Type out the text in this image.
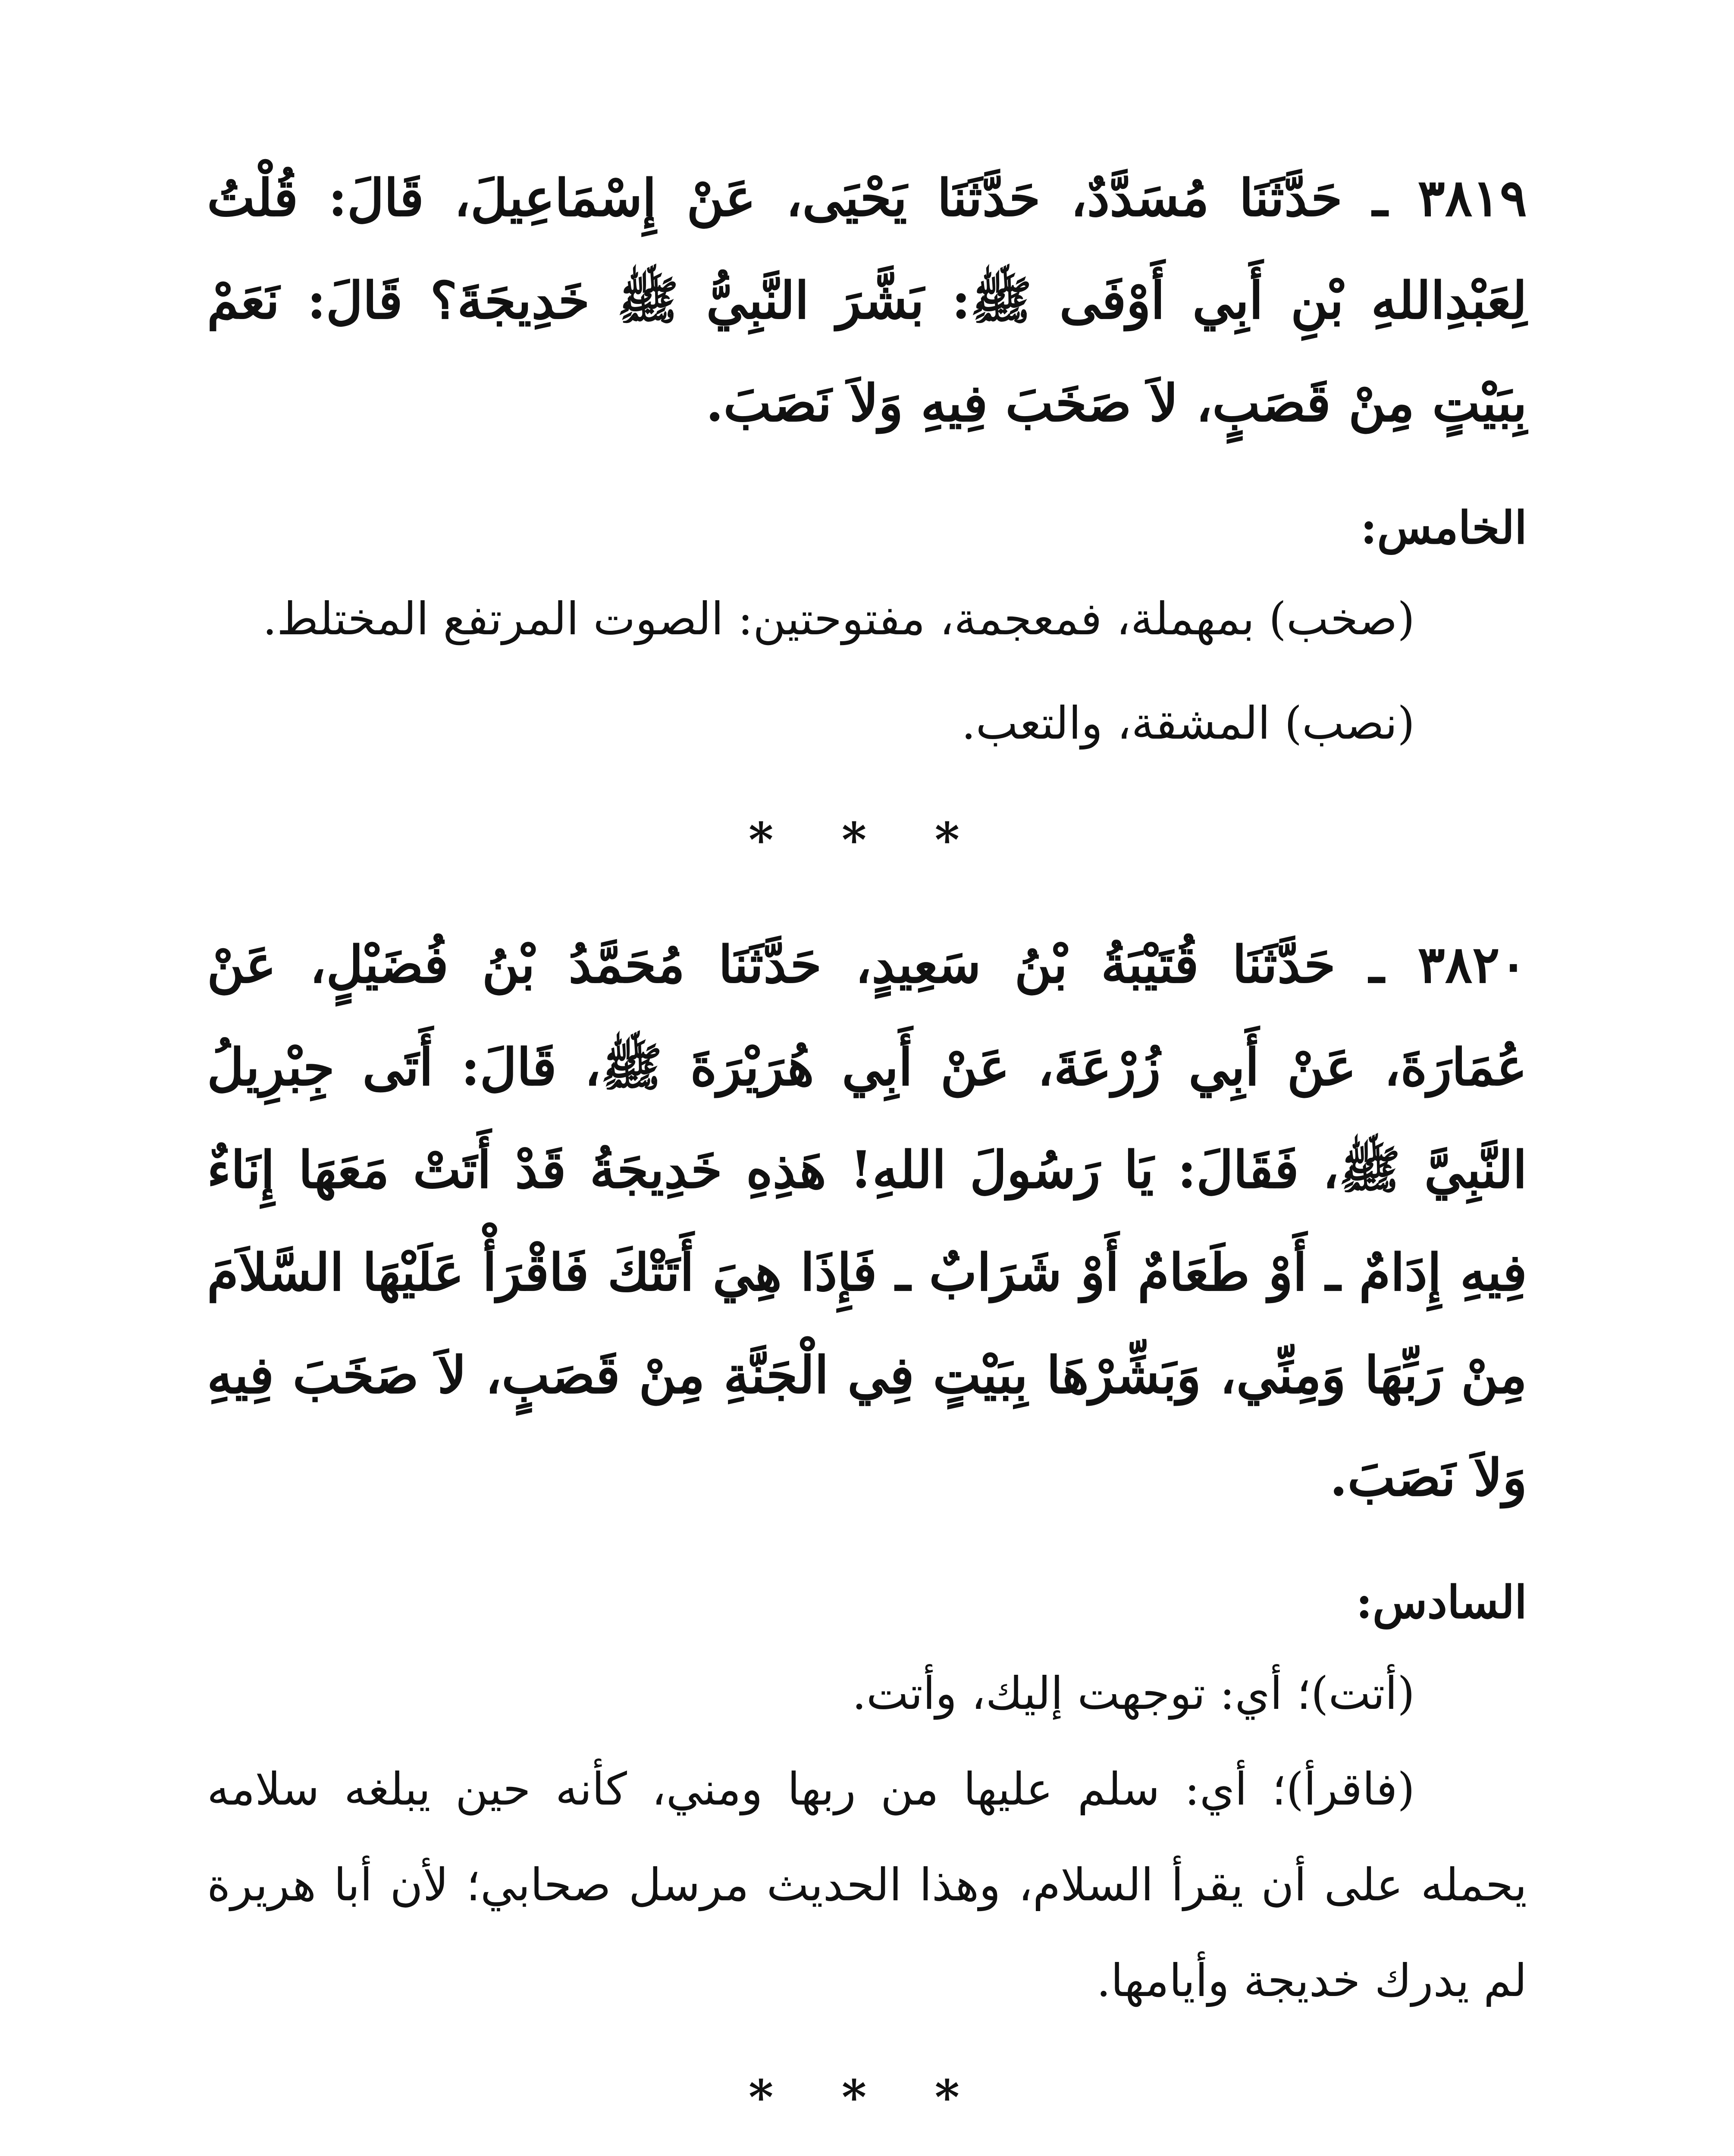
٣٨١٩ ـ حَدَّثَنَا مُسَدَّدٌ، حَدَّثَنَا يَحْيَى، عَنْ إِسْمَاعِيلَ، قَالَ: قُلْتُ لِعَبْدِاللهِ بْنِ أَبِي أَوْفَى ﷺ: بَشَّرَ النَّبِيُّ ﷺ خَدِيجَةَ؟ قَالَ: نَعَمْ بِبَيْتٍ مِنْ قَصَبٍ، لاَ صَخَبَ فِيهِ وَلاَ نَصَبَ.

الخامس:

(صخب) بمهملة، فمعجمة، مفتوحتين: الصوت المرتفع المختلط.

(نصب) المشقة، والتعب.

* * *

٣٨٢٠ ـ حَدَّثَنَا قُتَيْبَةُ بْنُ سَعِيدٍ، حَدَّثَنَا مُحَمَّدُ بْنُ فُضَيْلٍ، عَنْ عُمَارَةَ، عَنْ أَبِي زُرْعَةَ، عَنْ أَبِي هُرَيْرَةَ ﷺ، قَالَ: أَتَى جِبْرِيلُ النَّبِيَّ ﷺ، فَقَالَ: يَا رَسُولَ اللهِ! هَذِهِ خَدِيجَةُ قَدْ أَتَتْ مَعَهَا إِنَاءٌ فِيهِ إِدَامٌ ـ أَوْ طَعَامٌ أَوْ شَرَابٌ ـ فَإِذَا هِيَ أَتَتْكَ فَاقْرَأْ عَلَيْهَا السَّلاَمَ مِنْ رَبِّهَا وَمِنِّي، وَبَشِّرْهَا بِبَيْتٍ فِي الْجَنَّةِ مِنْ قَصَبٍ، لاَ صَخَبَ فِيهِ وَلاَ نَصَبَ.

السادس:

(أتت)؛ أي: توجهت إليك، وأتت.

(فاقرأ)؛ أي: سلم عليها من ربها ومني، كأنه حين يبلغه سلامه يحمله على أن يقرأ السلام، وهذا الحديث مرسل صحابي؛ لأن أبا هريرة لم يدرك خديجة وأيامها.

* * *
